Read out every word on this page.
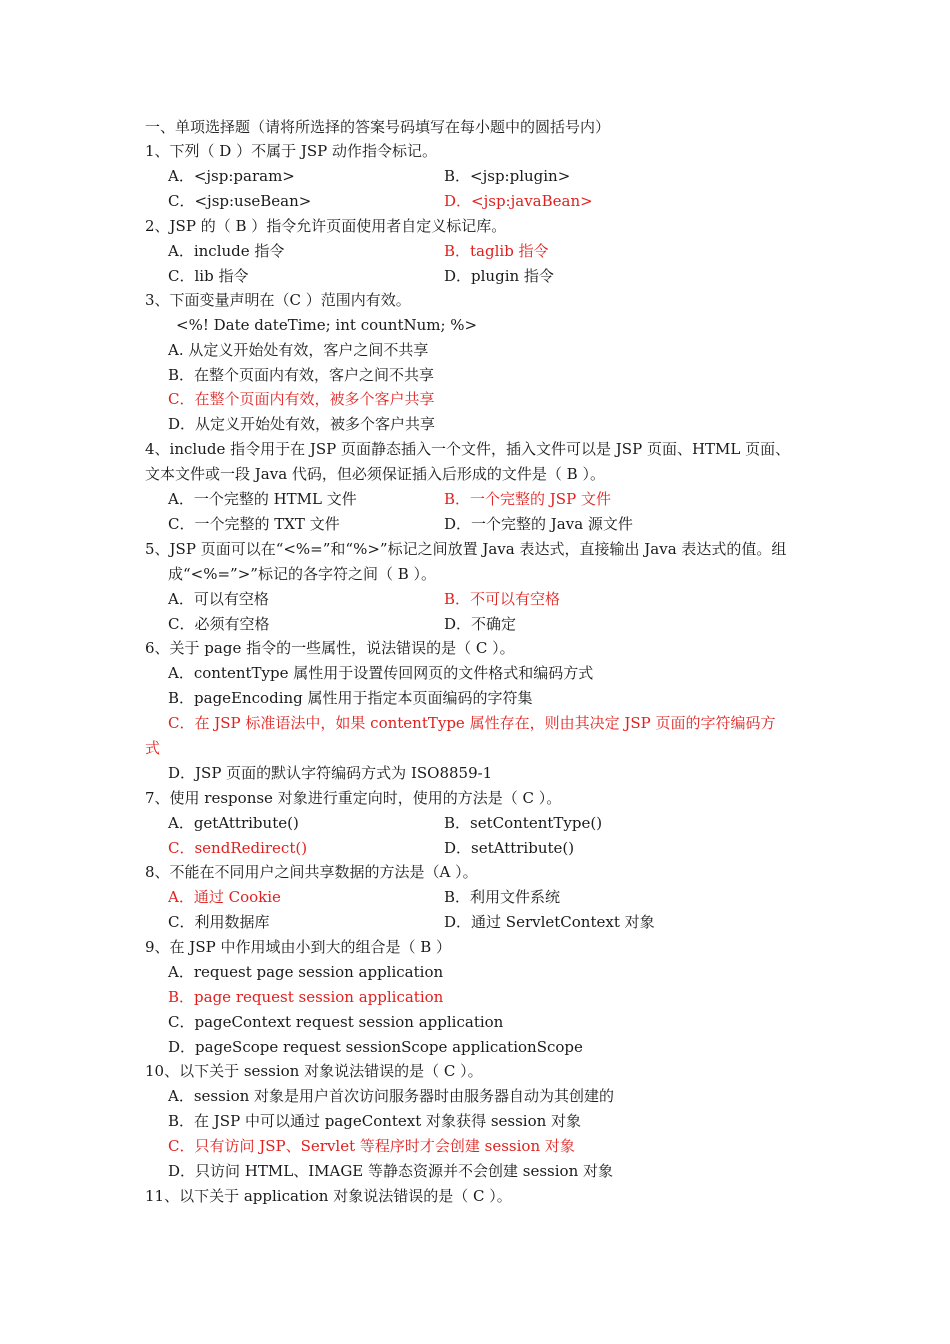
一、单项选择题（请将所选择的答案号码填写在每小题中的圆括号内）
1、下列（ D ）不属于 JSP 动作指令标记。
A．<jsp:param>	B．<jsp:plugin>
C．<jsp:useBean>	D．<jsp:javaBean>
2、JSP 的（ B ）指令允许页面使用者自定义标记库。
A．include 指令	B．taglib 指令
C．lib 指令	D．plugin 指令
3、下面变量声明在（C ）范围内有效。
<%! Date dateTime; int countNum; %>
A. 从定义开始处有效，客户之间不共享
B．在整个页面内有效，客户之间不共享
C．在整个页面内有效，被多个客户共享
D．从定义开始处有效，被多个客户共享
4、include 指令用于在 JSP 页面静态插入一个文件，插入文件可以是 JSP 页面、HTML 页面、
文本文件或一段 Java 代码，但必须保证插入后形成的文件是（ B ）。
A．一个完整的 HTML 文件	B．一个完整的 JSP 文件
C．一个完整的 TXT 文件	D．一个完整的 Java 源文件
5、JSP 页面可以在“<%=”和“%>”标记之间放置 Java 表达式，直接输出 Java 表达式的值。组
成“<%=”>”标记的各字符之间（ B ）。
A．可以有空格	B．不可以有空格
C．必须有空格	D．不确定
6、关于 page 指令的一些属性，说法错误的是（ C ）。
A．contentType 属性用于设置传回网页的文件格式和编码方式
B．pageEncoding 属性用于指定本页面编码的字符集
C．在 JSP 标准语法中，如果 contentType 属性存在，则由其决定 JSP 页面的字符编码方
式
D．JSP 页面的默认字符编码方式为 ISO8859-1
7、使用 response 对象进行重定向时，使用的方法是（ C ）。
A．getAttribute()	B．setContentType()
C．sendRedirect()	D．setAttribute()
8、不能在不同用户之间共享数据的方法是（A ）。
A．通过 Cookie	B．利用文件系统
C．利用数据库	D．通过 ServletContext 对象
9、在 JSP 中作用域由小到大的组合是（ B ）
A．request page session application
B．page request session application
C．pageContext request session application
D．pageScope request sessionScope applicationScope
10、以下关于 session 对象说法错误的是（ C ）。
A．session 对象是用户首次访问服务器时由服务器自动为其创建的
B．在 JSP 中可以通过 pageContext 对象获得 session 对象
C．只有访问 JSP、Servlet 等程序时才会创建 session 对象
D．只访问 HTML、IMAGE 等静态资源并不会创建 session 对象
11、以下关于 application 对象说法错误的是（ C ）。
